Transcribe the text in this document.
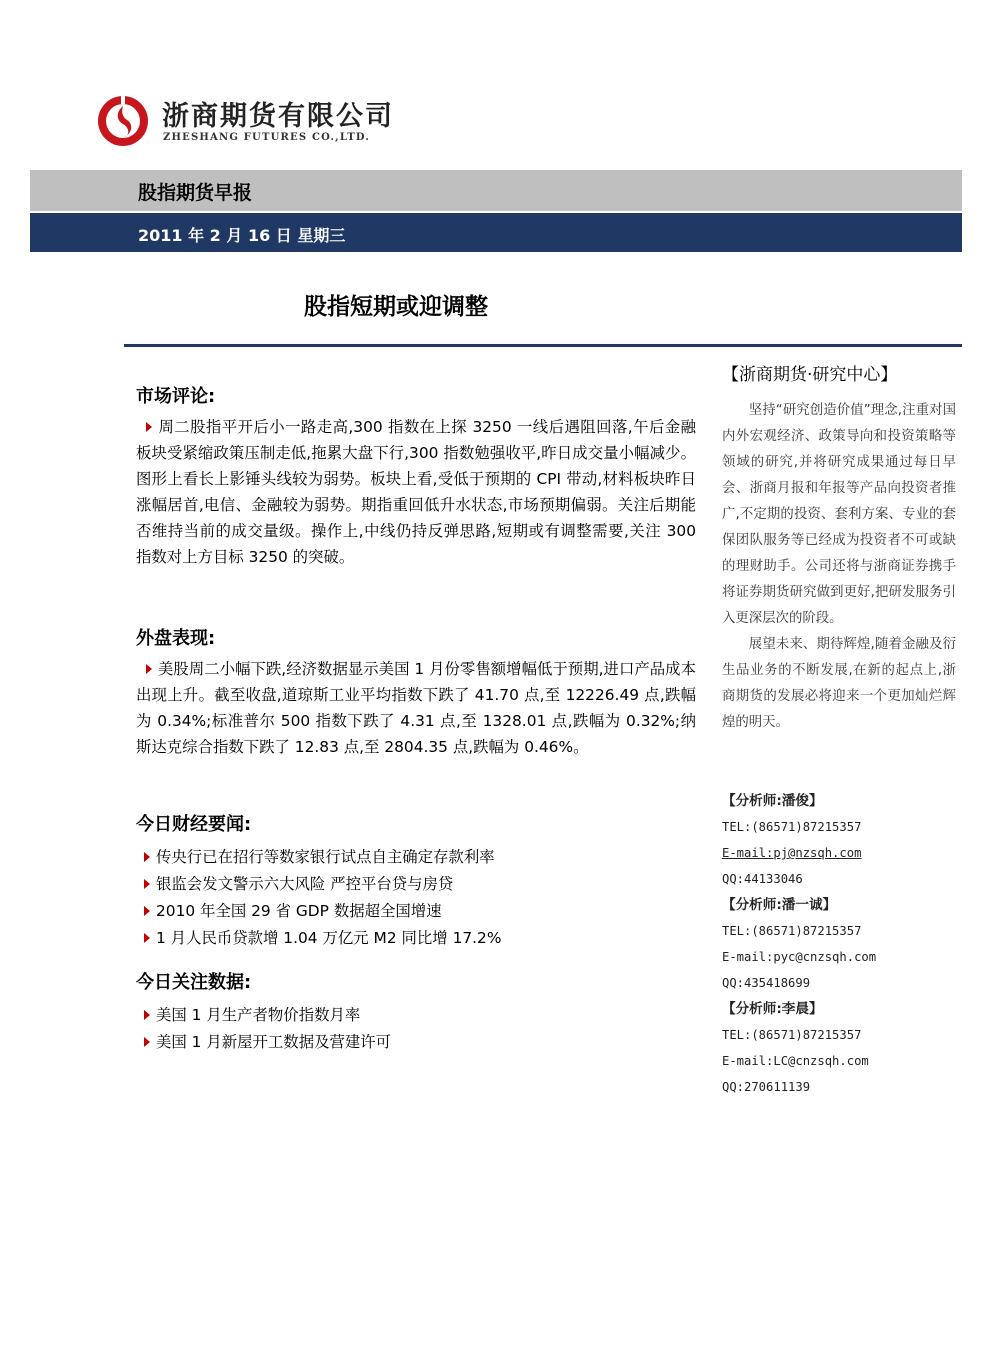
浙商期货有限公司
ZHESHANG FUTURES CO.,LTD.
股指期货早报
2011 年 2 月 16 日 星期三
股指短期或迎调整
市场评论:

周二股指平开后小一路走高,300 指数在上探 3250 一线后遇阻回落,午后金融板块受紧缩政策压制走低,拖累大盘下行,300 指数勉强收平,昨日成交量小幅减少。图形上看长上影锤头线较为弱势。板块上看,受低于预期的 CPI 带动,材料板块昨日涨幅居首,电信、金融较为弱势。期指重回低升水状态,市场预期偏弱。关注后期能否维持当前的成交量级。操作上,中线仍持反弹思路,短期或有调整需要,关注 300 指数对上方目标 3250 的突破。

外盘表现:

美股周二小幅下跌,经济数据显示美国 1 月份零售额增幅低于预期,进口产品成本出现上升。截至收盘,道琼斯工业平均指数下跌了 41.70 点,至 12226.49 点,跌幅为 0.34%;标准普尔 500 指数下跌了 4.31 点,至 1328.01 点,跌幅为 0.32%;纳斯达克综合指数下跌了 12.83 点,至 2804.35 点,跌幅为 0.46%。

今日财经要闻:
传央行已在招行等数家银行试点自主确定存款利率
银监会发文警示六大风险 严控平台贷与房贷
2010 年全国 29 省 GDP 数据超全国增速
1 月人民币贷款增 1.04 万亿元 M2 同比增 17.2%
今日关注数据:
美国 1 月生产者物价指数月率
美国 1 月新屋开工数据及营建许可
【浙商期货·研究中心】

坚持“研究创造价值”理念,注重对国内外宏观经济、政策导向和投资策略等领域的研究,并将研究成果通过每日早会、浙商月报和年报等产品向投资者推广,不定期的投资、套利方案、专业的套保团队服务等已经成为投资者不可或缺的理财助手。公司还将与浙商证券携手将证券期货研究做到更好,把研发服务引入更深层次的阶段。

展望未来、期待辉煌,随着金融及衍生品业务的不断发展,在新的起点上,浙商期货的发展必将迎来一个更加灿烂辉煌的明天。

【分析师:潘俊】
TEL:(86571)87215357
E-mail:pj@nzsqh.com
QQ:44133046
【分析师:潘一诚】
TEL:(86571)87215357
E-mail:pyc@cnzsqh.com
QQ:435418699
【分析师:李晨】
TEL:(86571)87215357
E-mail:LC@cnzsqh.com
QQ:270611139
